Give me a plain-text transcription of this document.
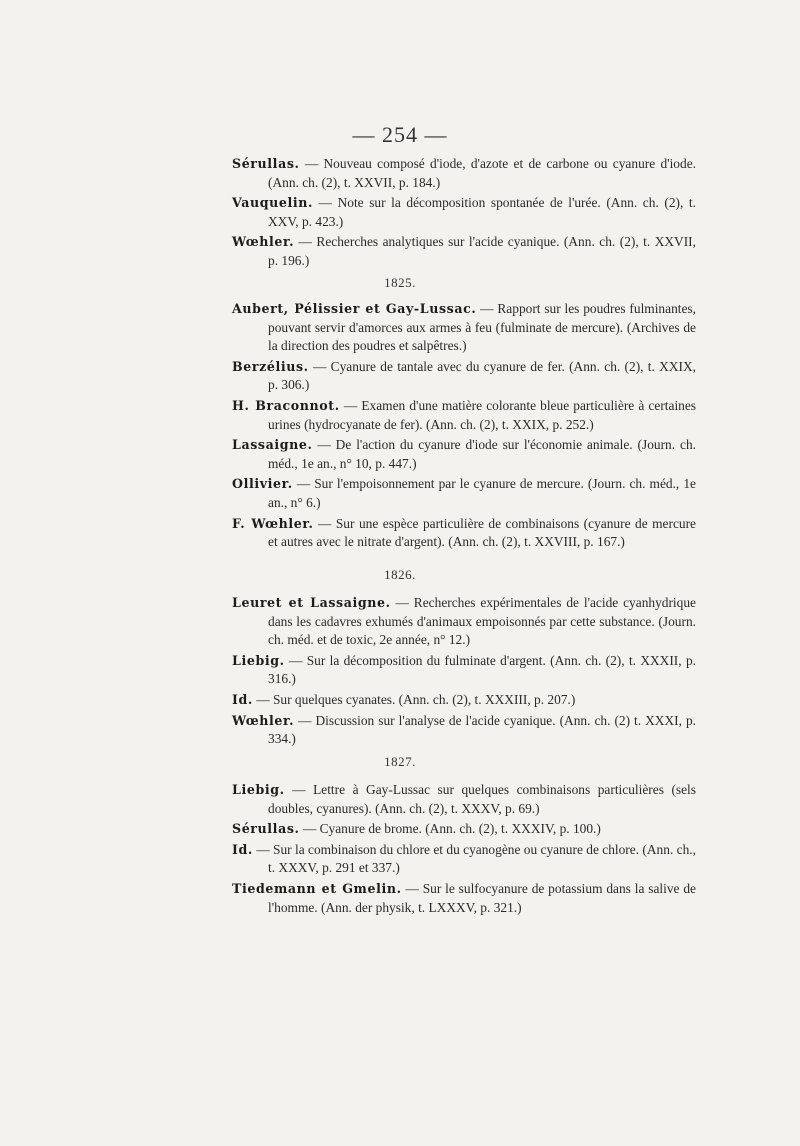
— 254 —

Sérullas. — Nouveau composé d'iode, d'azote et de carbone ou cyanure d'iode. (Ann. ch. (2), t. XXVII, p. 184.)

Vauquelin. — Note sur la décomposition spontanée de l'urée. (Ann. ch. (2), t. XXV, p. 423.)

Wœhler. — Recherches analytiques sur l'acide cyanique. (Ann. ch. (2), t. XXVII, p. 196.)

1825.

Aubert, Pélissier et Gay-Lussac. — Rapport sur les poudres fulminantes, pouvant servir d'amorces aux armes à feu (fulminate de mercure). (Archives de la direction des poudres et salpêtres.)

Berzélius. — Cyanure de tantale avec du cyanure de fer. (Ann. ch. (2), t. XXIX, p. 306.)

H. Braconnot. — Examen d'une matière colorante bleue particulière à certaines urines (hydrocyanate de fer). (Ann. ch. (2), t. XXIX, p. 252.)

Lassaigne. — De l'action du cyanure d'iode sur l'économie animale. (Journ. ch. méd., 1e an., n° 10, p. 447.)

Ollivier. — Sur l'empoisonnement par le cyanure de mercure. (Journ. ch. méd., 1e an., n° 6.)

F. Wœhler. — Sur une espèce particulière de combinaisons (cyanure de mercure et autres avec le nitrate d'argent). (Ann. ch. (2), t. XXVIII, p. 167.)

1826.

Leuret et Lassaigne. — Recherches expérimentales de l'acide cyanhydrique dans les cadavres exhumés d'animaux empoisonnés par cette substance. (Journ. ch. méd. et de toxic, 2e année, n° 12.)

Liebig. — Sur la décomposition du fulminate d'argent. (Ann. ch. (2), t. XXXII, p. 316.)

Id. — Sur quelques cyanates. (Ann. ch. (2), t. XXXIII, p. 207.)

Wœhler. — Discussion sur l'analyse de l'acide cyanique. (Ann. ch. (2) t. XXXI, p. 334.)

1827.

Liebig. — Lettre à Gay-Lussac sur quelques combinaisons particulières (sels doubles, cyanures). (Ann. ch. (2), t. XXXV, p. 69.)

Sérullas. — Cyanure de brome. (Ann. ch. (2), t. XXXIV, p. 100.)

Id. — Sur la combinaison du chlore et du cyanogène ou cyanure de chlore. (Ann. ch., t. XXXV, p. 291 et 337.)

Tiedemann et Gmelin. — Sur le sulfocyanure de potassium dans la salive de l'homme. (Ann. der physik, t. LXXXV, p. 321.)
